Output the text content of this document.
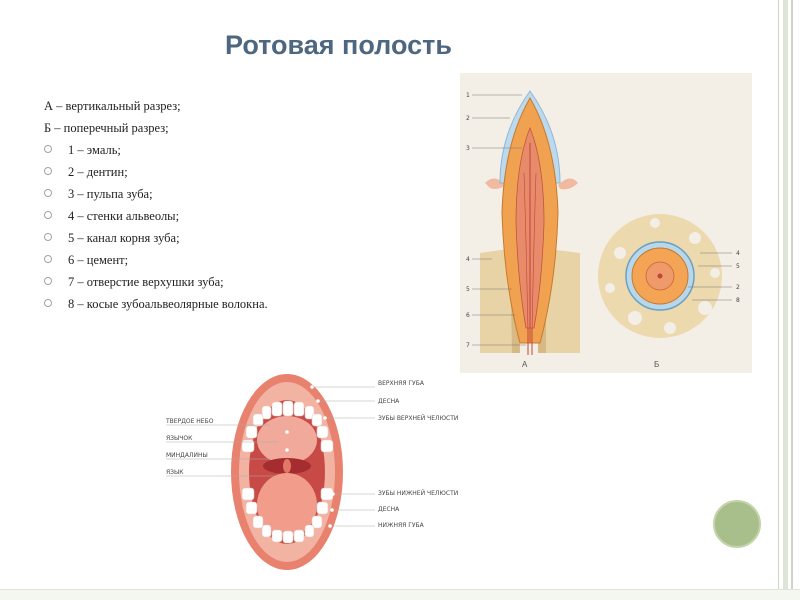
Ротовая полость
А – вертикальный разрез;
Б – поперечный разрез;
1 – эмаль;
2 – дентин;
3 – пульпа зуба;
4 – стенки альвеолы;
5 – канал корня зуба;
6 – цемент;
7 – отверстие верхушки зуба;
8 – косые зубоальвеолярные волокна.
1
2
3
4
5
6
7
А
4
5
2
8
Б
ТВЕРДОЕ НЕБО
ЯЗЫЧОК
МИНДАЛИНЫ
ЯЗЫК
ВЕРХНЯЯ ГУБА
ДЕСНА
ЗУБЫ ВЕРХНЕЙ ЧЕЛЮСТИ
ЗУБЫ НИЖНЕЙ ЧЕЛЮСТИ
ДЕСНА
НИЖНЯЯ ГУБА
